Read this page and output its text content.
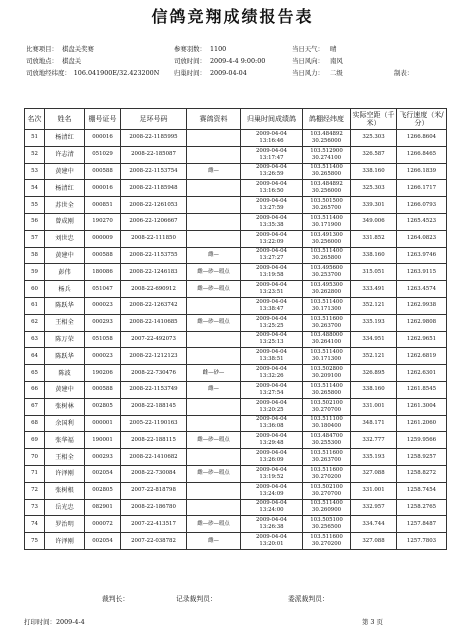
信鸽竞翔成绩报告表
比赛项目： 棋盘关奖赛	参赛羽数： 1100	当日天气： 晴
司放地点： 棋盘关	司放时间： 2009-4-4 9:00:00	当日风向： 南风
司放地经纬度： 106.041900E/32.423200N 归巢时间： 2009-04-04	当日风力： 二级	制表：
名次	姓名	棚号证号	足环号码	赛鸽资料	归巢时间成绩鸽	鸽棚经纬度	实际空距（千米）	飞行速度（米/分）
51	杨清红	000016	2008-22-1185995		2009-04-04
13:16:46	103.484892
30.256000	325.303	1266.8604
52	许志清	051029	2008-22-185087		2009-04-04
13:17:47	103.512900
30.274100	326.587	1266.8465
53	黄建中	000588	2008-22-1153754	雌—	2009-04-04
13:26:59	103.511400
30.265800	338.160	1266.1839
54	杨清红	000016	2008-22-1185948		2009-04-04
13:16:50	103.484892
30.256000	325.303	1266.1717
55	苏世全	000851	2008-22-1261053		2009-04-04
13:27:59	103.501500
30.265700	339.301	1266.0793
56	曾成刚	190270	2006-22-1206667		2009-04-04
13:35:38	103.511400
30.171900	349.006	1265.4523
57	刘世忠	000009	2008-22-111850		2009-04-04
13:22:09	103.491300
30.256000	331.852	1264.0823
58	黄建中	000588	2008-22-1153755	雌—	2009-04-04
13:27:27	103.511400
30.265800	338.160	1263.9746
59	彭伟	180086	2008-22-1246183	雌—砂—瑕点	2009-04-04
13:19:58	103.495600
30.253700	315.051	1263.9115
60	杨兵	051047	2008-22-690912	雌—砂—瑕点	2009-04-04
13:23:51	103.495300
30.262800	333.491	1263.4574
61	陈跃华	000023	2008-22-1263742		2009-04-04
13:38:47	103.511400
30.171300	352.121	1262.9938
62	王相全	000293	2008-22-1410685	雌—砂—瑕点	2009-04-04
13:25:25	103.511600
30.263700	335.193	1262.9808
63	陈万荣	051058	2007-22-492073		2009-04-04
13:25:13	103.488000
30.264100	334.951	1262.9651
64	陈跃华	000023	2008-22-1212123		2009-04-04
13:38:51	103.511400
30.171300	352.121	1262.6819
65	陈波	190206	2008-22-730476	雌—砂—	2009-04-04
13:32:26	103.502800
30.209100	326.895	1262.6301
66	黄建中	000588	2008-22-1153749	雌—	2009-04-04
13:27:54	103.511400
30.265800	338.160	1261.8545
67	张树林	002805	2008-22-188145		2009-04-04
13:20:25	103.502100
30.270700	331.001	1261.3004
68	余国利	000001	2005-22-1190163		2009-04-04
13:36:08	103.511100
30.180400	348.171	1261.2060
69	张华福	190001	2008-22-188115	雌—砂—瑕点	2009-04-04
13:29:48	103.484700
30.255300	332.777	1259.9566
70	王相全	000293	2008-22-1410682		2009-04-04
13:26:09	103.511600
30.263700	335.193	1258.9257
71	许泽刚	002054	2008-22-730084	雌—砂—瑕点	2009-04-04
13:19:52	103.511600
30.270200	327.088	1258.8272
72	张树根	002805	2007-22-818798		2009-04-04
13:24:09	103.502100
30.270700	331.001	1258.7454
73	岳光忠	082901	2008-22-186780		2009-04-04
13:24:00	103.511400
30.260900	332.957	1258.2765
74	罗治明	000072	2007-22-413517	雌—砂—瑕点	2009-04-04
13:26:38	103.505100
30.256500	334.744	1257.8487
75	许泽刚	002054	2007-22-038782	雌—	2009-04-04
13:20:01	103.511600
30.270200	327.088	1257.7803
裁判长：	记录裁判员：	委派裁判员：
打印时间：2009-4-4	第 3 页
